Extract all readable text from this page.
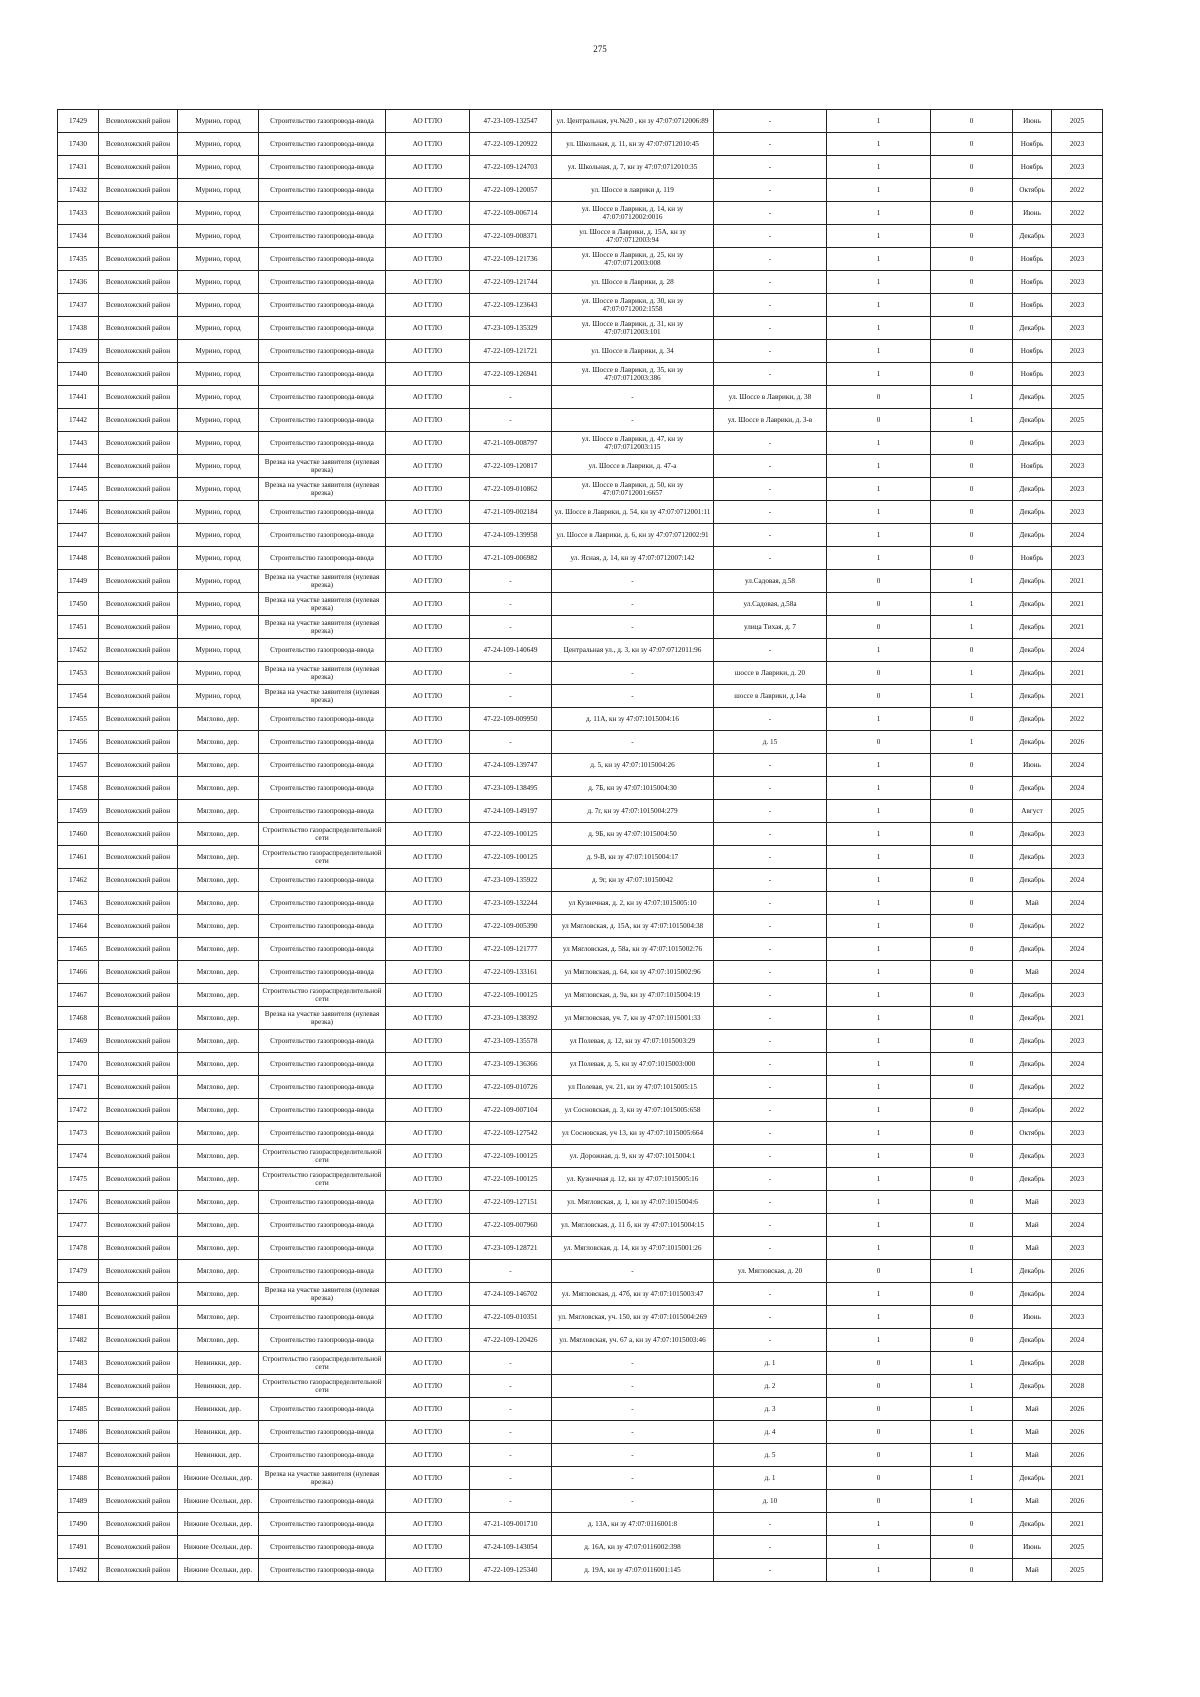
275
17429	Всеволожский район	Мурино, город	Строительство газопровода-ввода	АО ГГЛО	47-23-109-132547	ул. Центральная, уч.№20 , кн зу 47:07:0712006:89	-	1	0	Июнь	2025
17430	Всеволожский район	Мурино, город	Строительство газопровода-ввода	АО ГГЛО	47-22-109-120922	ул. Школьная, д. 11, кн зу 47:07:0712010:45	-	1	0	Ноябрь	2023
17431	Всеволожский район	Мурино, город	Строительство газопровода-ввода	АО ГГЛО	47-22-109-124703	ул. Школьная, д. 7, кн зу 47:07:0712010:35	-	1	0	Ноябрь	2023
17432	Всеволожский район	Мурино, город	Строительство газопровода-ввода	АО ГГЛО	47-22-109-120057	ул. Шоссе в лаврики д. 119	-	1	0	Октябрь	2022
17433	Всеволожский район	Мурино, город	Строительство газопровода-ввода	АО ГГЛО	47-22-109-006714	ул. Шоссе в Лаврики, д. 14, кн зу 47:07:0712002:0016	-	1	0	Июнь	2022
17434	Всеволожский район	Мурино, город	Строительство газопровода-ввода	АО ГГЛО	47-22-109-008371	ул. Шоссе в Лаврики, д. 15А, кн зу 47:07:0712003:94	-	1	0	Декабрь	2023
17435	Всеволожский район	Мурино, город	Строительство газопровода-ввода	АО ГГЛО	47-22-109-121736	ул. Шоссе в Лаврики, д. 25, кн зу 47:07:0712003:008	-	1	0	Ноябрь	2023
17436	Всеволожский район	Мурино, город	Строительство газопровода-ввода	АО ГГЛО	47-22-109-121744	ул. Шоссе в Лаврики, д. 28	-	1	0	Ноябрь	2023
17437	Всеволожский район	Мурино, город	Строительство газопровода-ввода	АО ГГЛО	47-22-109-123643	ул. Шоссе в Лаврики, д. 30, кн зу 47:07:0712002:1558	-	1	0	Ноябрь	2023
17438	Всеволожский район	Мурино, город	Строительство газопровода-ввода	АО ГГЛО	47-23-109-135329	ул. Шоссе в Лаврики, д. 31, кн зу 47:07:0712003:101	-	1	0	Декабрь	2023
17439	Всеволожский район	Мурино, город	Строительство газопровода-ввода	АО ГГЛО	47-22-109-121721	ул. Шоссе в Лаврики, д. 34	-	1	0	Ноябрь	2023
17440	Всеволожский район	Мурино, город	Строительство газопровода-ввода	АО ГГЛО	47-22-109-126941	ул. Шоссе в Лаврики, д. 35, кн зу 47:07:0712003:386	-	1	0	Ноябрь	2023
17441	Всеволожский район	Мурино, город	Строительство газопровода-ввода	АО ГГЛО	-	-	ул. Шоссе в Лаврики, д. 38	0	1	Декабрь	2025
17442	Всеволожский район	Мурино, город	Строительство газопровода-ввода	АО ГГЛО	-	-	ул. Шоссе в Лаврики, д. 3-в	0	1	Декабрь	2025
17443	Всеволожский район	Мурино, город	Строительство газопровода-ввода	АО ГГЛО	47-21-109-008797	ул. Шоссе в Лаврики, д. 47, кн зу 47:07:0712003:115	-	1	0	Декабрь	2023
17444	Всеволожский район	Мурино, город	Врезка на участке заявителя (нулевая врезка)	АО ГГЛО	47-22-109-120817	ул. Шоссе в Лаврики, д. 47-а	-	1	0	Ноябрь	2023
17445	Всеволожский район	Мурино, город	Врезка на участке заявителя (нулевая врезка)	АО ГГЛО	47-22-109-010862	ул. Шоссе в Лаврики, д. 50, кн зу 47:07:0712001:6657	-	1	0	Декабрь	2023
17446	Всеволожский район	Мурино, город	Строительство газопровода-ввода	АО ГГЛО	47-21-109-002184	ул. Шоссе в Лаврики, д. 54, кн зу 47:07:0712001:11	-	1	0	Декабрь	2023
17447	Всеволожский район	Мурино, город	Строительство газопровода-ввода	АО ГГЛО	47-24-109-139958	ул. Шоссе в Лаврики, д. 6, кн зу 47:07:0712002:91	-	1	0	Декабрь	2024
17448	Всеволожский район	Мурино, город	Строительство газопровода-ввода	АО ГГЛО	47-21-109-006982	ул. Ясная, д. 14, кн зу 47:07:0712007:142	-	1	0	Ноябрь	2023
17449	Всеволожский район	Мурино, город	Врезка на участке заявителя (нулевая врезка)	АО ГГЛО	-	-	ул.Садовая, д.58	0	1	Декабрь	2021
17450	Всеволожский район	Мурино, город	Врезка на участке заявителя (нулевая врезка)	АО ГГЛО	-	-	ул.Садовая, д.58а	0	1	Декабрь	2021
17451	Всеволожский район	Мурино, город	Врезка на участке заявителя (нулевая врезка)	АО ГГЛО	-	-	улица Тихая, д. 7	0	1	Декабрь	2021
17452	Всеволожский район	Мурино, город	Строительство газопровода-ввода	АО ГГЛО	47-24-109-140649	Центральная ул., д. 3, кн зу 47:07:0712011:96	-	1	0	Декабрь	2024
17453	Всеволожский район	Мурино, город	Врезка на участке заявителя (нулевая врезка)	АО ГГЛО	-	-	шоссе в Лаврики, д. 20	0	1	Декабрь	2021
17454	Всеволожский район	Мурино, город	Врезка на участке заявителя (нулевая врезка)	АО ГГЛО	-	-	шоссе в Лаврики, д.14а	0	1	Декабрь	2021
17455	Всеволожский район	Мяглово, дер.	Строительство газопровода-ввода	АО ГГЛО	47-22-109-009950	д. 11А, кн зу 47:07:1015004:16	-	1	0	Декабрь	2022
17456	Всеволожский район	Мяглово, дер.	Строительство газопровода-ввода	АО ГГЛО	-	-	д. 15	0	1	Декабрь	2026
17457	Всеволожский район	Мяглово, дер.	Строительство газопровода-ввода	АО ГГЛО	47-24-109-139747	д. 5, кн зу 47:07:1015004:26	-	1	0	Июнь	2024
17458	Всеволожский район	Мяглово, дер.	Строительство газопровода-ввода	АО ГГЛО	47-23-109-138495	д. 7Б, кн зу 47:07:1015004:30	-	1	0	Декабрь	2024
17459	Всеволожский район	Мяглово, дер.	Строительство газопровода-ввода	АО ГГЛО	47-24-109-149197	д. 7г, кн зу 47:07:1015004:279	-	1	0	Август	2025
17460	Всеволожский район	Мяглово, дер.	Строительство газораспределительной сети	АО ГГЛО	47-22-109-100125	д. 9Б, кн зу 47:07:1015004:50	-	1	0	Декабрь	2023
17461	Всеволожский район	Мяглово, дер.	Строительство газораспределительной сети	АО ГГЛО	47-22-109-100125	д. 9-В, кн зу 47:07:1015004:17	-	1	0	Декабрь	2023
17462	Всеволожский район	Мяглово, дер.	Строительство газопровода-ввода	АО ГГЛО	47-23-109-135922	д. 9г, кн зу 47:07:10150042	-	1	0	Декабрь	2024
17463	Всеволожский район	Мяглово, дер.	Строительство газопровода-ввода	АО ГГЛО	47-23-109-132244	ул Кузнечная, д. 2, кн зу 47:07:1015005:10	-	1	0	Май	2024
17464	Всеволожский район	Мяглово, дер.	Строительство газопровода-ввода	АО ГГЛО	47-22-109-005390	ул Мягловская, д. 15А, кн зу 47:07:1015004:38	-	1	0	Декабрь	2022
17465	Всеволожский район	Мяглово, дер.	Строительство газопровода-ввода	АО ГГЛО	47-22-109-121777	ул Мягловская, д. 58а, кн зу 47:07:1015002:76	-	1	0	Декабрь	2024
17466	Всеволожский район	Мяглово, дер.	Строительство газопровода-ввода	АО ГГЛО	47-22-109-133161	ул Мягловская, д. 64, кн зу 47:07:1015002:96	-	1	0	Май	2024
17467	Всеволожский район	Мяглово, дер.	Строительство газораспределительной сети	АО ГГЛО	47-22-109-100125	ул Мягловская, д. 9а, кн зу 47:07:1015004:19	-	1	0	Декабрь	2023
17468	Всеволожский район	Мяглово, дер.	Врезка на участке заявителя (нулевая врезка)	АО ГГЛО	47-23-109-138392	ул Мягловская, уч. 7, кн зу 47:07:1015001:33	-	1	0	Декабрь	2021
17469	Всеволожский район	Мяглово, дер.	Строительство газопровода-ввода	АО ГГЛО	47-23-109-135578	ул Полевая, д. 12, кн зу 47:07:1015003:29	-	1	0	Декабрь	2023
17470	Всеволожский район	Мяглово, дер.	Строительство газопровода-ввода	АО ГГЛО	47-23-109-136366	ул Полевая, д. 5, кн зу 47:07:1015003:000	-	1	0	Декабрь	2024
17471	Всеволожский район	Мяглово, дер.	Строительство газопровода-ввода	АО ГГЛО	47-22-109-010726	ул Полевая, уч. 21, кн зу 47:07:1015005:15	-	1	0	Декабрь	2022
17472	Всеволожский район	Мяглово, дер.	Строительство газопровода-ввода	АО ГГЛО	47-22-109-007104	ул Сосновская, д. 3, кн зу 47:07:1015005:658	-	1	0	Декабрь	2022
17473	Всеволожский район	Мяглово, дер.	Строительство газопровода-ввода	АО ГГЛО	47-22-109-127542	ул Сосновская, уч 13, кн зу 47:07:1015005:664	-	1	0	Октябрь	2023
17474	Всеволожский район	Мяглово, дер.	Строительство газораспределительной сети	АО ГГЛО	47-22-109-100125	ул. Дорожная, д. 9, кн зу 47:07:1015004:1	-	1	0	Декабрь	2023
17475	Всеволожский район	Мяглово, дер.	Строительство газораспределительной сети	АО ГГЛО	47-22-109-100125	ул. Кузнечная д. 12, кн зу 47:07:1015005:16	-	1	0	Декабрь	2023
17476	Всеволожский район	Мяглово, дер.	Строительство газопровода-ввода	АО ГГЛО	47-22-109-127151	ул. Мягловская, д. 1, кн зу 47:07:1015004:6	-	1	0	Май	2023
17477	Всеволожский район	Мяглово, дер.	Строительство газопровода-ввода	АО ГГЛО	47-22-109-007960	ул. Мягловская, д. 11 б, кн зу 47:07:1015004:15	-	1	0	Май	2024
17478	Всеволожский район	Мяглово, дер.	Строительство газопровода-ввода	АО ГГЛО	47-23-109-128721	ул. Мягловская, д. 14, кн зу 47:07:1015001:26	-	1	0	Май	2023
17479	Всеволожский район	Мяглово, дер.	Строительство газопровода-ввода	АО ГГЛО	-	-	ул. Мягловская, д. 20	0	1	Декабрь	2026
17480	Всеволожский район	Мяглово, дер.	Врезка на участке заявителя (нулевая врезка)	АО ГГЛО	47-24-109-146702	ул. Мягловская, д. 47б, кн зу 47:07:1015003:47	-	1	0	Декабрь	2024
17481	Всеволожский район	Мяглово, дер.	Строительство газопровода-ввода	АО ГГЛО	47-22-109-010351	ул. Мягловская, уч. 150, кн зу 47:07:1015004:269	-	1	0	Июнь	2023
17482	Всеволожский район	Мяглово, дер.	Строительство газопровода-ввода	АО ГГЛО	47-22-109-120426	ул. Мягловская, уч. 67 а, кн зу 47:07:1015003:46	-	1	0	Декабрь	2024
17483	Всеволожский район	Невинкки, дер.	Строительство газораспределительной сети	АО ГГЛО	-	-	д. 1	0	1	Декабрь	2028
17484	Всеволожский район	Невинкки, дер.	Строительство газораспределительной сети	АО ГГЛО	-	-	д. 2	0	1	Декабрь	2028
17485	Всеволожский район	Невинкки, дер.	Строительство газопровода-ввода	АО ГГЛО	-	-	д. 3	0	1	Май	2026
17486	Всеволожский район	Невинкки, дер.	Строительство газопровода-ввода	АО ГГЛО	-	-	д. 4	0	1	Май	2026
17487	Всеволожский район	Невинкки, дер.	Строительство газопровода-ввода	АО ГГЛО	-	-	д. 5	0	1	Май	2026
17488	Всеволожский район	Нижние Осельки, дер.	Врезка на участке заявителя (нулевая врезка)	АО ГГЛО	-	-	д. 1	0	1	Декабрь	2021
17489	Всеволожский район	Нижние Осельки, дер.	Строительство газопровода-ввода	АО ГГЛО	-	-	д. 10	0	1	Май	2026
17490	Всеволожский район	Нижние Осельки, дер.	Строительство газопровода-ввода	АО ГГЛО	47-21-109-001710	д. 13А, кн зу 47:07:0116001:8	-	1	0	Декабрь	2021
17491	Всеволожский район	Нижние Осельки, дер.	Строительство газопровода-ввода	АО ГГЛО	47-24-109-143054	д. 16А, кн зу 47:07:0116002:398	-	1	0	Июнь	2025
17492	Всеволожский район	Нижние Осельки, дер.	Строительство газопровода-ввода	АО ГГЛО	47-22-109-125340	д. 19А, кн зу 47:07:0116001:145	-	1	0	Май	2025
